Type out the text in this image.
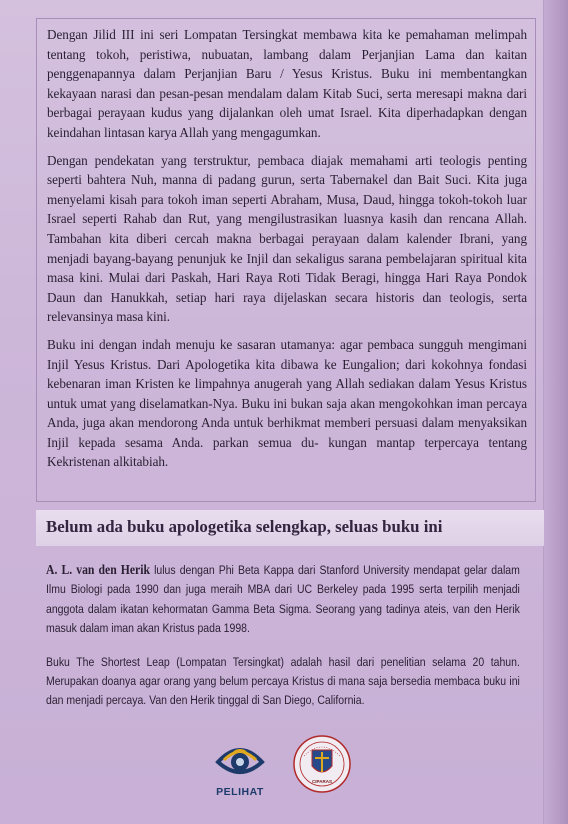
Dengan Jilid III ini seri Lompatan Tersingkat membawa kita ke pemahaman melimpah tentang tokoh, peristiwa, nubuatan, lambang dalam Perjanjian Lama dan kaitan penggenapannya dalam Perjanjian Baru / Yesus Kristus. Buku ini membentangkan kekayaan narasi dan pesan-pesan mendalam dalam Kitab Suci, serta meresapi makna dari berbagai perayaan kudus yang dijalankan oleh umat Israel. Kita diperhadapkan dengan keindahan lintasan karya Allah yang mengagumkan.

Dengan pendekatan yang terstruktur, pembaca diajak memahami arti teologis penting seperti bahtera Nuh, manna di padang gurun, serta Tabernakel dan Bait Suci. Kita juga menyelami kisah para tokoh iman seperti Abraham, Musa, Daud, hingga tokoh-tokoh luar Israel seperti Rahab dan Rut, yang mengilustrasikan luasnya kasih dan rencana Allah. Tambahan kita diberi cercah makna berbagai perayaan dalam kalender Ibrani, yang menjadi bayang-bayang penunjuk ke Injil dan sekaligus sarana pembelajaran spiritual kita masa kini. Mulai dari Paskah, Hari Raya Roti Tidak Beragi, hingga Hari Raya Pondok Daun dan Hanukkah, setiap hari raya dijelaskan secara historis dan teologis, serta relevansinya masa kini.

Buku ini dengan indah menuju ke sasaran utamanya: agar pembaca sungguh mengimani Injil Yesus Kristus. Dari Apologetika kita dibawa ke Eungalion; dari kokohnya fondasi kebenaran iman Kristen ke limpahnya anugerah yang Allah sediakan dalam Yesus Kristus untuk umat yang diselamatkan-Nya. Buku ini bukan saja akan mengokohkan iman percaya Anda, juga akan mendorong Anda untuk berhikmat memberi persuasi dalam menyaksikan Injil kepada sesama Anda. parkan semua du- kungan mantap terpercaya tentang Kekristenan alkitabiah.

Belum ada buku apologetika selengkap, seluas buku ini

A. L. van den Herik lulus dengan Phi Beta Kappa dari Stanford University mendapat gelar dalam Ilmu Biologi pada 1990 dan juga meraih MBA dari UC Berkeley pada 1995 serta terpilih menjadi anggota dalam ikatan kehormatan Gamma Beta Sigma. Seorang yang tadinya ateis, van den Herik masuk dalam iman akan Kristus pada 1998.

Buku The Shortest Leap (Lompatan Tersingkat) adalah hasil dari penelitian selama 20 tahun. Merupakan doanya agar orang yang belum percaya Kristus di mana saja bersedia membaca buku ini dan menjadi percaya. Van den Herik tinggal di San Diego, California.

PELIHAT
CIPARAS
